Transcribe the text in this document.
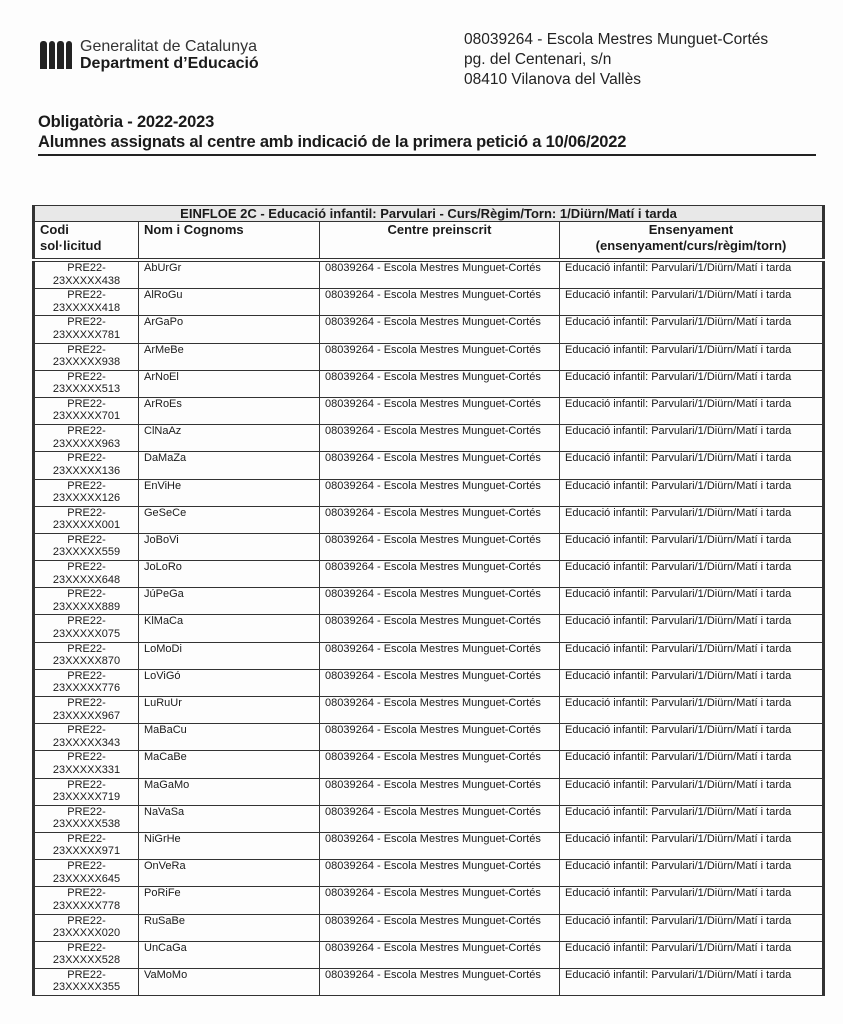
Generalitat de Catalunya
Department d’Educació
08039264 - Escola Mestres Munguet-Cortés
pg. del Centenari, s/n
08410 Vilanova del Vallès
Obligatòria - 2022-2023
Alumnes assignats al centre amb indicació de la primera petició a 10/06/2022
EINFLOE 2C - Educació infantil: Parvulari - Curs/Règim/Torn: 1/Diürn/Matí i tarda			
Codi sol·licitud	Nom i Cognoms	Centre preinscrit	Ensenyament (ensenyament/curs/règim/torn)
PRE22-23XXXXX438	AbUrGr	08039264 - Escola Mestres Munguet-Cortés	Educació infantil: Parvulari/1/Diürn/Matí i tarda
PRE22-23XXXXX418	AlRoGu	08039264 - Escola Mestres Munguet-Cortés	Educació infantil: Parvulari/1/Diürn/Matí i tarda
PRE22-23XXXXX781	ArGaPo	08039264 - Escola Mestres Munguet-Cortés	Educació infantil: Parvulari/1/Diürn/Matí i tarda
PRE22-23XXXXX938	ArMeBe	08039264 - Escola Mestres Munguet-Cortés	Educació infantil: Parvulari/1/Diürn/Matí i tarda
PRE22-23XXXXX513	ArNoEl	08039264 - Escola Mestres Munguet-Cortés	Educació infantil: Parvulari/1/Diürn/Matí i tarda
PRE22-23XXXXX701	ArRoEs	08039264 - Escola Mestres Munguet-Cortés	Educació infantil: Parvulari/1/Diürn/Matí i tarda
PRE22-23XXXXX963	ClNaAz	08039264 - Escola Mestres Munguet-Cortés	Educació infantil: Parvulari/1/Diürn/Matí i tarda
PRE22-23XXXXX136	DaMaZa	08039264 - Escola Mestres Munguet-Cortés	Educació infantil: Parvulari/1/Diürn/Matí i tarda
PRE22-23XXXXX126	EnViHe	08039264 - Escola Mestres Munguet-Cortés	Educació infantil: Parvulari/1/Diürn/Matí i tarda
PRE22-23XXXXX001	GeSeCe	08039264 - Escola Mestres Munguet-Cortés	Educació infantil: Parvulari/1/Diürn/Matí i tarda
PRE22-23XXXXX559	JoBoVi	08039264 - Escola Mestres Munguet-Cortés	Educació infantil: Parvulari/1/Diürn/Matí i tarda
PRE22-23XXXXX648	JoLoRo	08039264 - Escola Mestres Munguet-Cortés	Educació infantil: Parvulari/1/Diürn/Matí i tarda
PRE22-23XXXXX889	JúPeGa	08039264 - Escola Mestres Munguet-Cortés	Educació infantil: Parvulari/1/Diürn/Matí i tarda
PRE22-23XXXXX075	KlMaCa	08039264 - Escola Mestres Munguet-Cortés	Educació infantil: Parvulari/1/Diürn/Matí i tarda
PRE22-23XXXXX870	LoMoDi	08039264 - Escola Mestres Munguet-Cortés	Educació infantil: Parvulari/1/Diürn/Matí i tarda
PRE22-23XXXXX776	LoViGó	08039264 - Escola Mestres Munguet-Cortés	Educació infantil: Parvulari/1/Diürn/Matí i tarda
PRE22-23XXXXX967	LuRuUr	08039264 - Escola Mestres Munguet-Cortés	Educació infantil: Parvulari/1/Diürn/Matí i tarda
PRE22-23XXXXX343	MaBaCu	08039264 - Escola Mestres Munguet-Cortés	Educació infantil: Parvulari/1/Diürn/Matí i tarda
PRE22-23XXXXX331	MaCaBe	08039264 - Escola Mestres Munguet-Cortés	Educació infantil: Parvulari/1/Diürn/Matí i tarda
PRE22-23XXXXX719	MaGaMo	08039264 - Escola Mestres Munguet-Cortés	Educació infantil: Parvulari/1/Diürn/Matí i tarda
PRE22-23XXXXX538	NaVaSa	08039264 - Escola Mestres Munguet-Cortés	Educació infantil: Parvulari/1/Diürn/Matí i tarda
PRE22-23XXXXX971	NiGrHe	08039264 - Escola Mestres Munguet-Cortés	Educació infantil: Parvulari/1/Diürn/Matí i tarda
PRE22-23XXXXX645	OnVeRa	08039264 - Escola Mestres Munguet-Cortés	Educació infantil: Parvulari/1/Diürn/Matí i tarda
PRE22-23XXXXX778	PoRiFe	08039264 - Escola Mestres Munguet-Cortés	Educació infantil: Parvulari/1/Diürn/Matí i tarda
PRE22-23XXXXX020	RuSaBe	08039264 - Escola Mestres Munguet-Cortés	Educació infantil: Parvulari/1/Diürn/Matí i tarda
PRE22-23XXXXX528	UnCaGa	08039264 - Escola Mestres Munguet-Cortés	Educació infantil: Parvulari/1/Diürn/Matí i tarda
PRE22-23XXXXX355	VaMoMo	08039264 - Escola Mestres Munguet-Cortés	Educació infantil: Parvulari/1/Diürn/Matí i tarda
